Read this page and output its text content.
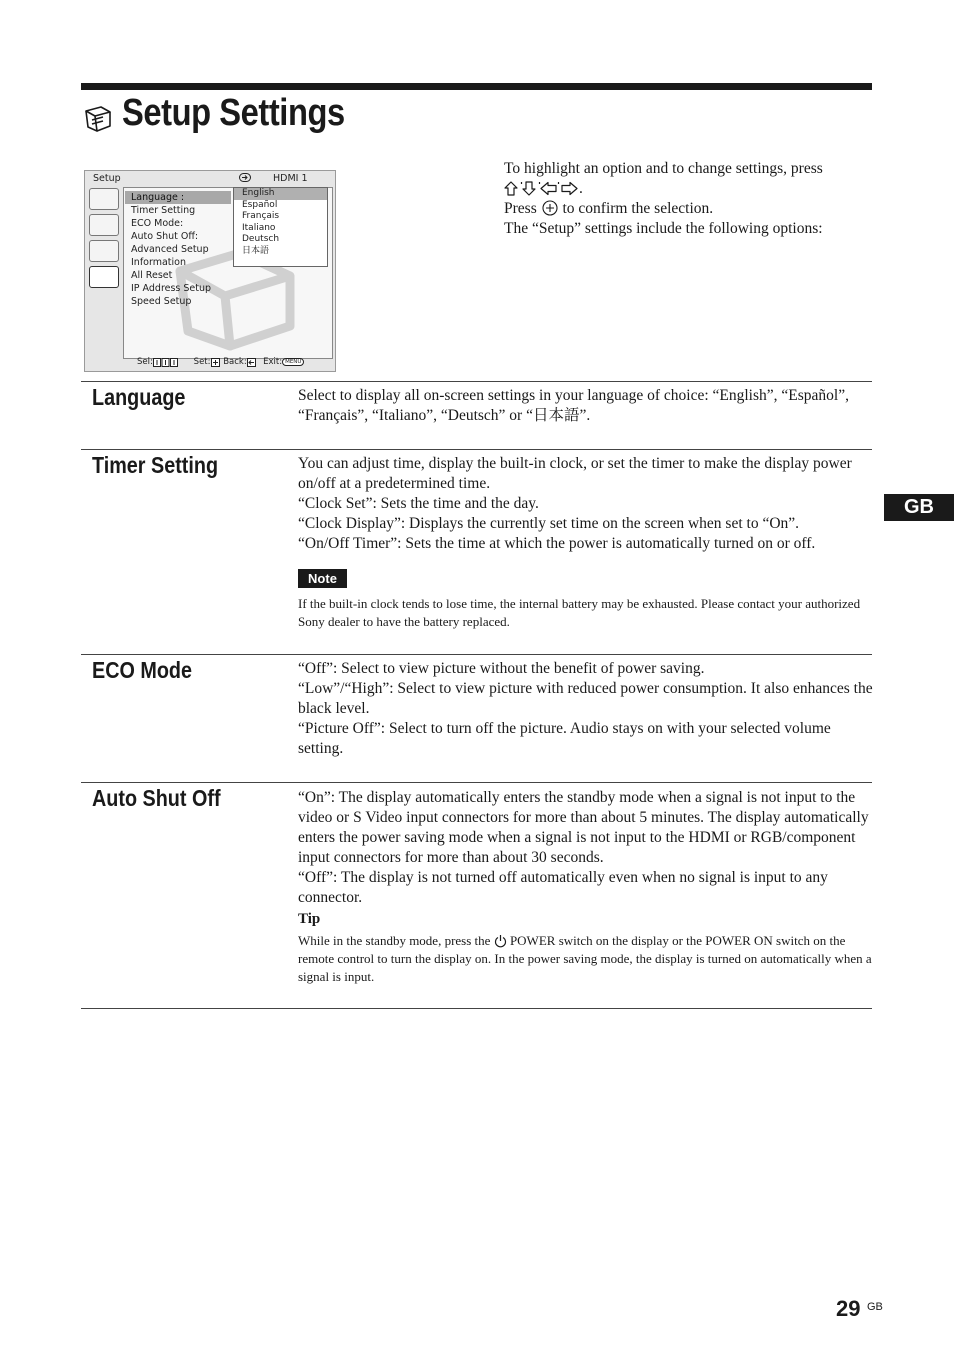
Setup Settings
Setup	HDMI 1
Language :
Timer Setting
ECO Mode:
Auto Shut Off:
Advanced Setup
Information
All Reset
IP Address Setup
Speed Setup
English
Español
Français
Italiano
Deutsch
日本語
Sel:	Set: Back: Exit: MENU

To highlight an option and to change settings, press

.

Press to confirm the selection.

The “Setup” settings include the following options:

Language	Select to display all on-screen settings in your language of choice: “English”, “Español”, “Français”, “Italiano”, “Deutsch” or “日本語”.

Timer Setting	You can adjust time, display the built-in clock, or set the timer to make the display power on/off at a predetermined time.

“Clock Set”: Sets the time and the day.

“Clock Display”: Displays the currently set time on the screen when set to “On”.

“On/Off Timer”: Sets the time at which the power is automatically turned on or off.

Note

If the built-in clock tends to lose time, the internal battery may be exhausted. Please contact your authorized Sony dealer to have the battery replaced.

ECO Mode	“Off”: Select to view picture without the benefit of power saving.

“Low”/“High”: Select to view picture with reduced power consumption. It also enhances the black level.

“Picture Off”: Select to turn off the picture. Audio stays on with your selected volume setting.

Auto Shut Off	“On”: The display automatically enters the standby mode when a signal is not input to the video or S Video input connectors for more than about 5 minutes. The display automatically enters the power saving mode when a signal is not input to the HDMI or RGB/component input connectors for more than about 30 seconds.

“Off”: The display is not turned off automatically even when no signal is input to any connector.

Tip

While in the standby mode, press the POWER switch on the display or the POWER ON switch on the remote control to turn the display on. In the power saving mode, the display is turned on automatically when a signal is input.

GB
29 GB
